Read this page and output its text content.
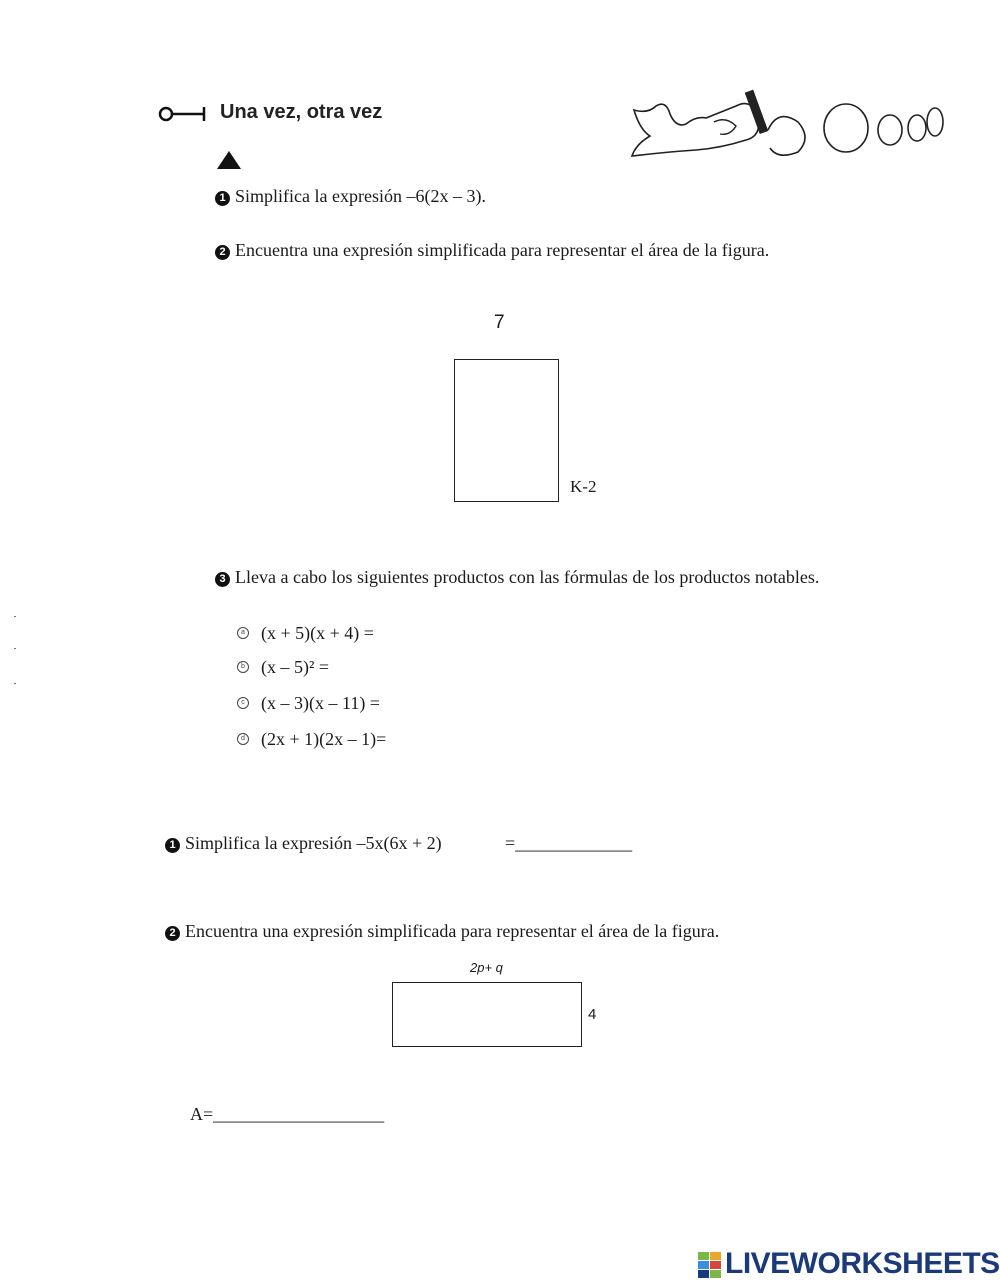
Una vez, otra vez
1 Simplifica la expresión –6(2x – 3).
2 Encuentra una expresión simplificada para representar el área de la figura.
7
K-2
3 Lleva a cabo los siguientes productos con las fórmulas de los productos notables.
a (x + 5)(x + 4) =
b (x – 5)² =
c (x – 3)(x – 11) =
d (2x + 1)(2x – 1)=
1 Simplifica la expresión –5x(6x + 2)	=_____________
2 Encuentra una expresión simplificada para representar el área de la figura.
2p+ q
4
A=___________________
LIVEWORKSHEETS
